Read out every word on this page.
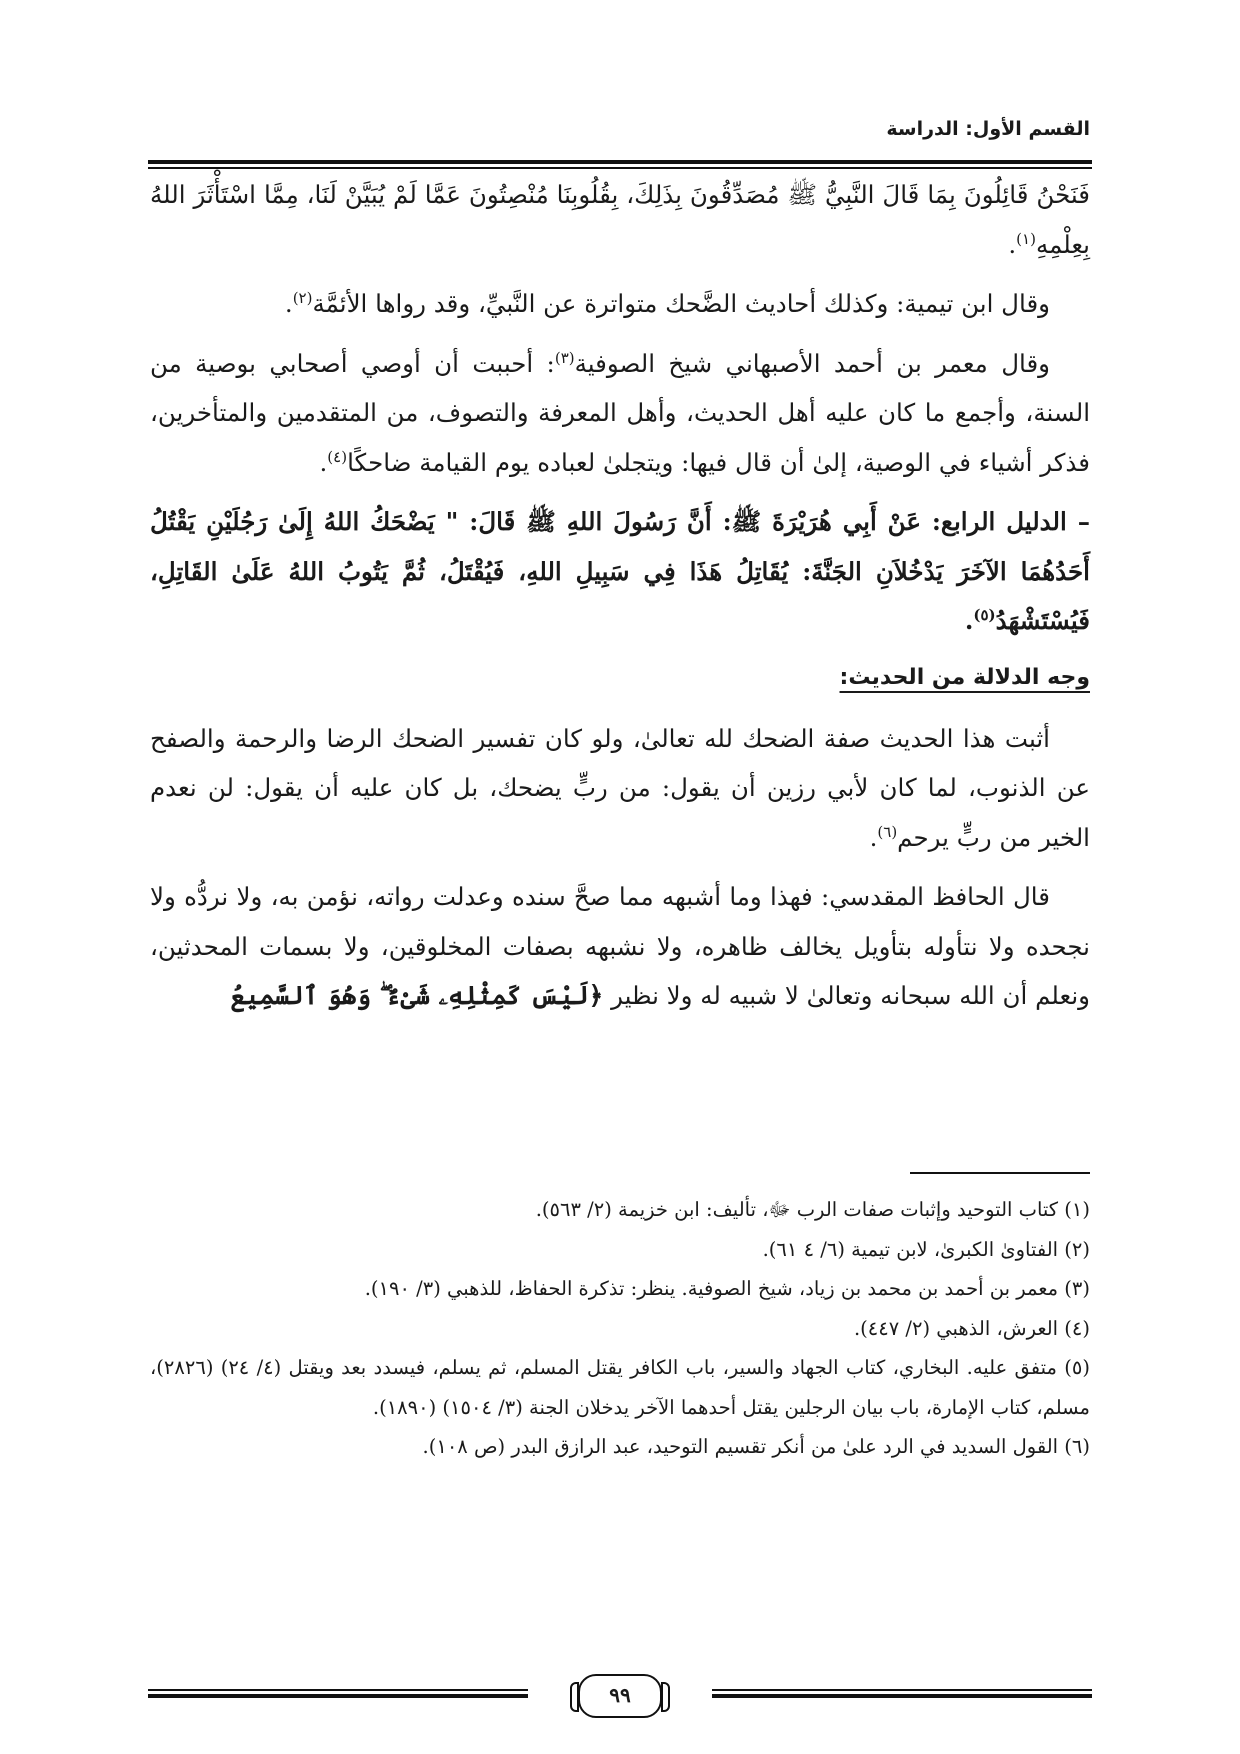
القسم الأول: الدراسة

فَنَحْنُ قَائِلُونَ بِمَا قَالَ النَّبِيُّ ﷺ مُصَدِّقُونَ بِذَلِكَ، بِقُلُوبِنَا مُنْصِتُونَ عَمَّا لَمْ يُبَيَّنْ لَنَا، مِمَّا اسْتَأْثَرَ اللهُ بِعِلْمِهِ$^{(١)}$.

وقال ابن تيمية: وكذلك أحاديث الضَّحك متواترة عن النَّبيِّ، وقد رواها الأئمَّة$^{(٢)}$.

وقال معمر بن أحمد الأصبهاني شيخ الصوفية$^{(٣)}$: أحببت أن أوصي أصحابي بوصية من السنة، وأجمع ما كان عليه أهل الحديث، وأهل المعرفة والتصوف، من المتقدمين والمتأخرين، فذكر أشياء في الوصية، إلىٰ أن قال فيها: ويتجلىٰ لعباده يوم القيامة ضاحكًا$^{(٤)}$.

– الدليل الرابع: عَنْ أَبِي هُرَيْرَةَ ﷺ: أَنَّ رَسُولَ اللهِ ﷺ قَالَ: " يَضْحَكُ اللهُ إِلَىٰ رَجُلَيْنِ يَقْتُلُ أَحَدُهُمَا الآخَرَ يَدْخُلاَنِ الجَنَّةَ: يُقَاتِلُ هَذَا فِي سَبِيلِ اللهِ، فَيُقْتَلُ، ثُمَّ يَتُوبُ اللهُ عَلَىٰ القَاتِلِ، فَيُسْتَشْهَدُ$^{(٥)}$.

وجه الدلالة من الحديث:

أثبت هذا الحديث صفة الضحك لله تعالىٰ، ولو كان تفسير الضحك الرضا والرحمة والصفح عن الذنوب، لما كان لأبي رزين أن يقول: من ربٍّ يضحك، بل كان عليه أن يقول: لن نعدم الخير من ربٍّ يرحم$^{(٦)}$.

قال الحافظ المقدسي: فهذا وما أشبهه مما صحَّ سنده وعدلت رواته، نؤمن به، ولا نردُّه ولا نجحده ولا نتأوله بتأويل يخالف ظاهره، ولا نشبهه بصفات المخلوقين، ولا بسمات المحدثين، ونعلم أن الله سبحانه وتعالىٰ لا شبيه له ولا نظير ﴿لَيْسَ كَمِثْلِهِۦ شَىْءٌ ۖ وَهُوَ ٱلسَّمِيعُ

(١) كتاب التوحيد وإثبات صفات الرب ﷻ، تأليف: ابن خزيمة (٢/ ٥٦٣).

(٢) الفتاوىٰ الكبرىٰ، لابن تيمية (٦/ ٤ ٦١).

(٣) معمر بن أحمد بن محمد بن زياد، شيخ الصوفية. ينظر: تذكرة الحفاظ، للذهبي (٣/ ١٩٠).

(٤) العرش، الذهبي (٢/ ٤٤٧).

(٥) متفق عليه. البخاري، كتاب الجهاد والسير، باب الكافر يقتل المسلم، ثم يسلم، فيسدد بعد ويقتل (٤/ ٢٤) (٢٨٢٦)، مسلم، كتاب الإمارة، باب بيان الرجلين يقتل أحدهما الآخر يدخلان الجنة (٣/ ١٥٠٤) (١٨٩٠).

(٦) القول السديد في الرد علىٰ من أنكر تقسيم التوحيد، عبد الرازق البدر (ص ١٠٨).

٩٩
